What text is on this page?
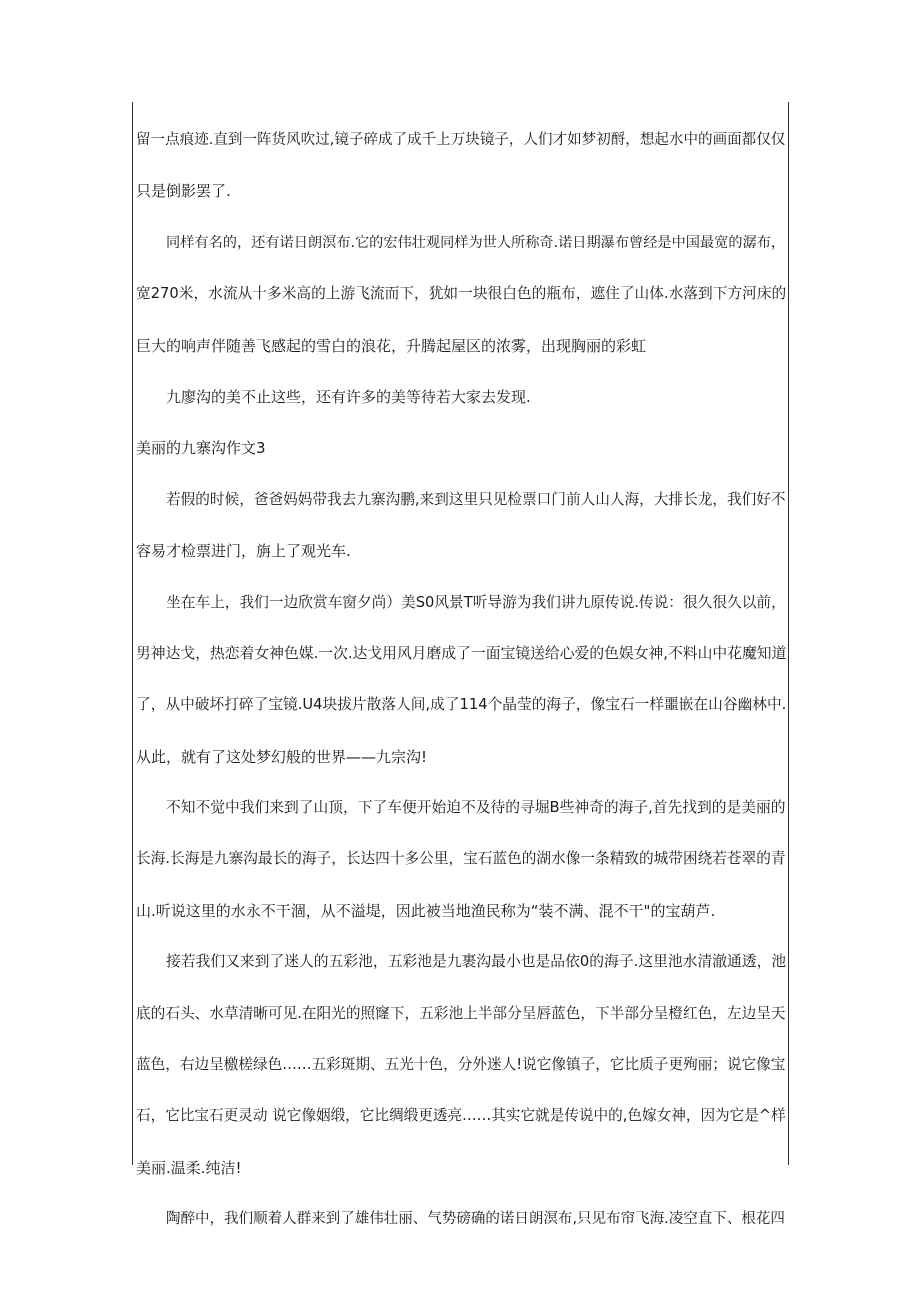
留一点痕迹.直到一阵货风吹过,镜子碎成了成千上万块镜子，人们才如梦初酹，想起水中的画面都仅仅
只是倒影罢了.
同样有名的，还有诺日朗溟布.它的宏伟壮观同样为世人所称奇.诺日期瀑布曾经是中国最宽的潺布，
宽270米，水流从十多米高的上游飞流而下，犹如一块很白色的瓶布，遮住了山体.水落到下方河床的
巨大的响声伴随善飞感起的雪白的浪花，升腾起屋区的浓雾，出现胸丽的彩虹
九廖沟的美不止这些，还有许多的美等待若大家去发现.
美丽的九寨沟作文3
若假的时候，爸爸妈妈带我去九寨沟鹏,来到这里只见检票口门前人山人海，大排长龙，我们好不
容易才检票进门，旃上了观光车.
坐在车上，我们一边欣赏车窗夕尚）美S0风景T听导游为我们讲九原传说.传说：很久很久以前，
男神达戈，热恋着女神色媒.一次.达戈用风月磨成了一面宝镜送给心爱的色娱女神,不料山中花魔知道
了，从中破坏打碎了宝镜.U4块拔片散落人间,成了114个晶莹的海子，像宝石一样噩嵌在山谷幽林中.
从此，就有了这处梦幻般的世界——九宗沟!
不知不觉中我们来到了山顶，下了车便开始迫不及待的寻堀B些神奇的海子,首先找到的是美丽的
长海.长海是九寨沟最长的海子，长达四十多公里，宝石蓝色的湖水像一条精致的城带困绕若苍翠的青
山.听说这里的水永不干涸，从不溢堤，因此被当地渔民称为“装不满、混不干"的宝葫芦.
接若我们又来到了迷人的五彩池，五彩池是九裹沟最小也是品依0的海子.这里池水清澈通透，池
底的石头、水草清晰可见.在阳光的照窿下，五彩池上半部分呈唇蓝色，下半部分呈橙红色，左边呈天
蓝色，右边呈檄槎绿色……五彩斑期、五光十色，分外迷人!说它像镇子，它比质子更殉丽；说它像宝
石，它比宝石更灵动 说它像姻缎，它比绸缎更透亮……其实它就是传说中的,色嫁女神，因为它是^样
美丽.温柔.纯洁!
陶醉中，我们顺着人群来到了雄伟壮丽、气势磅确的诺日朗溟布,只见布帘飞海.凌空直下、根花四
